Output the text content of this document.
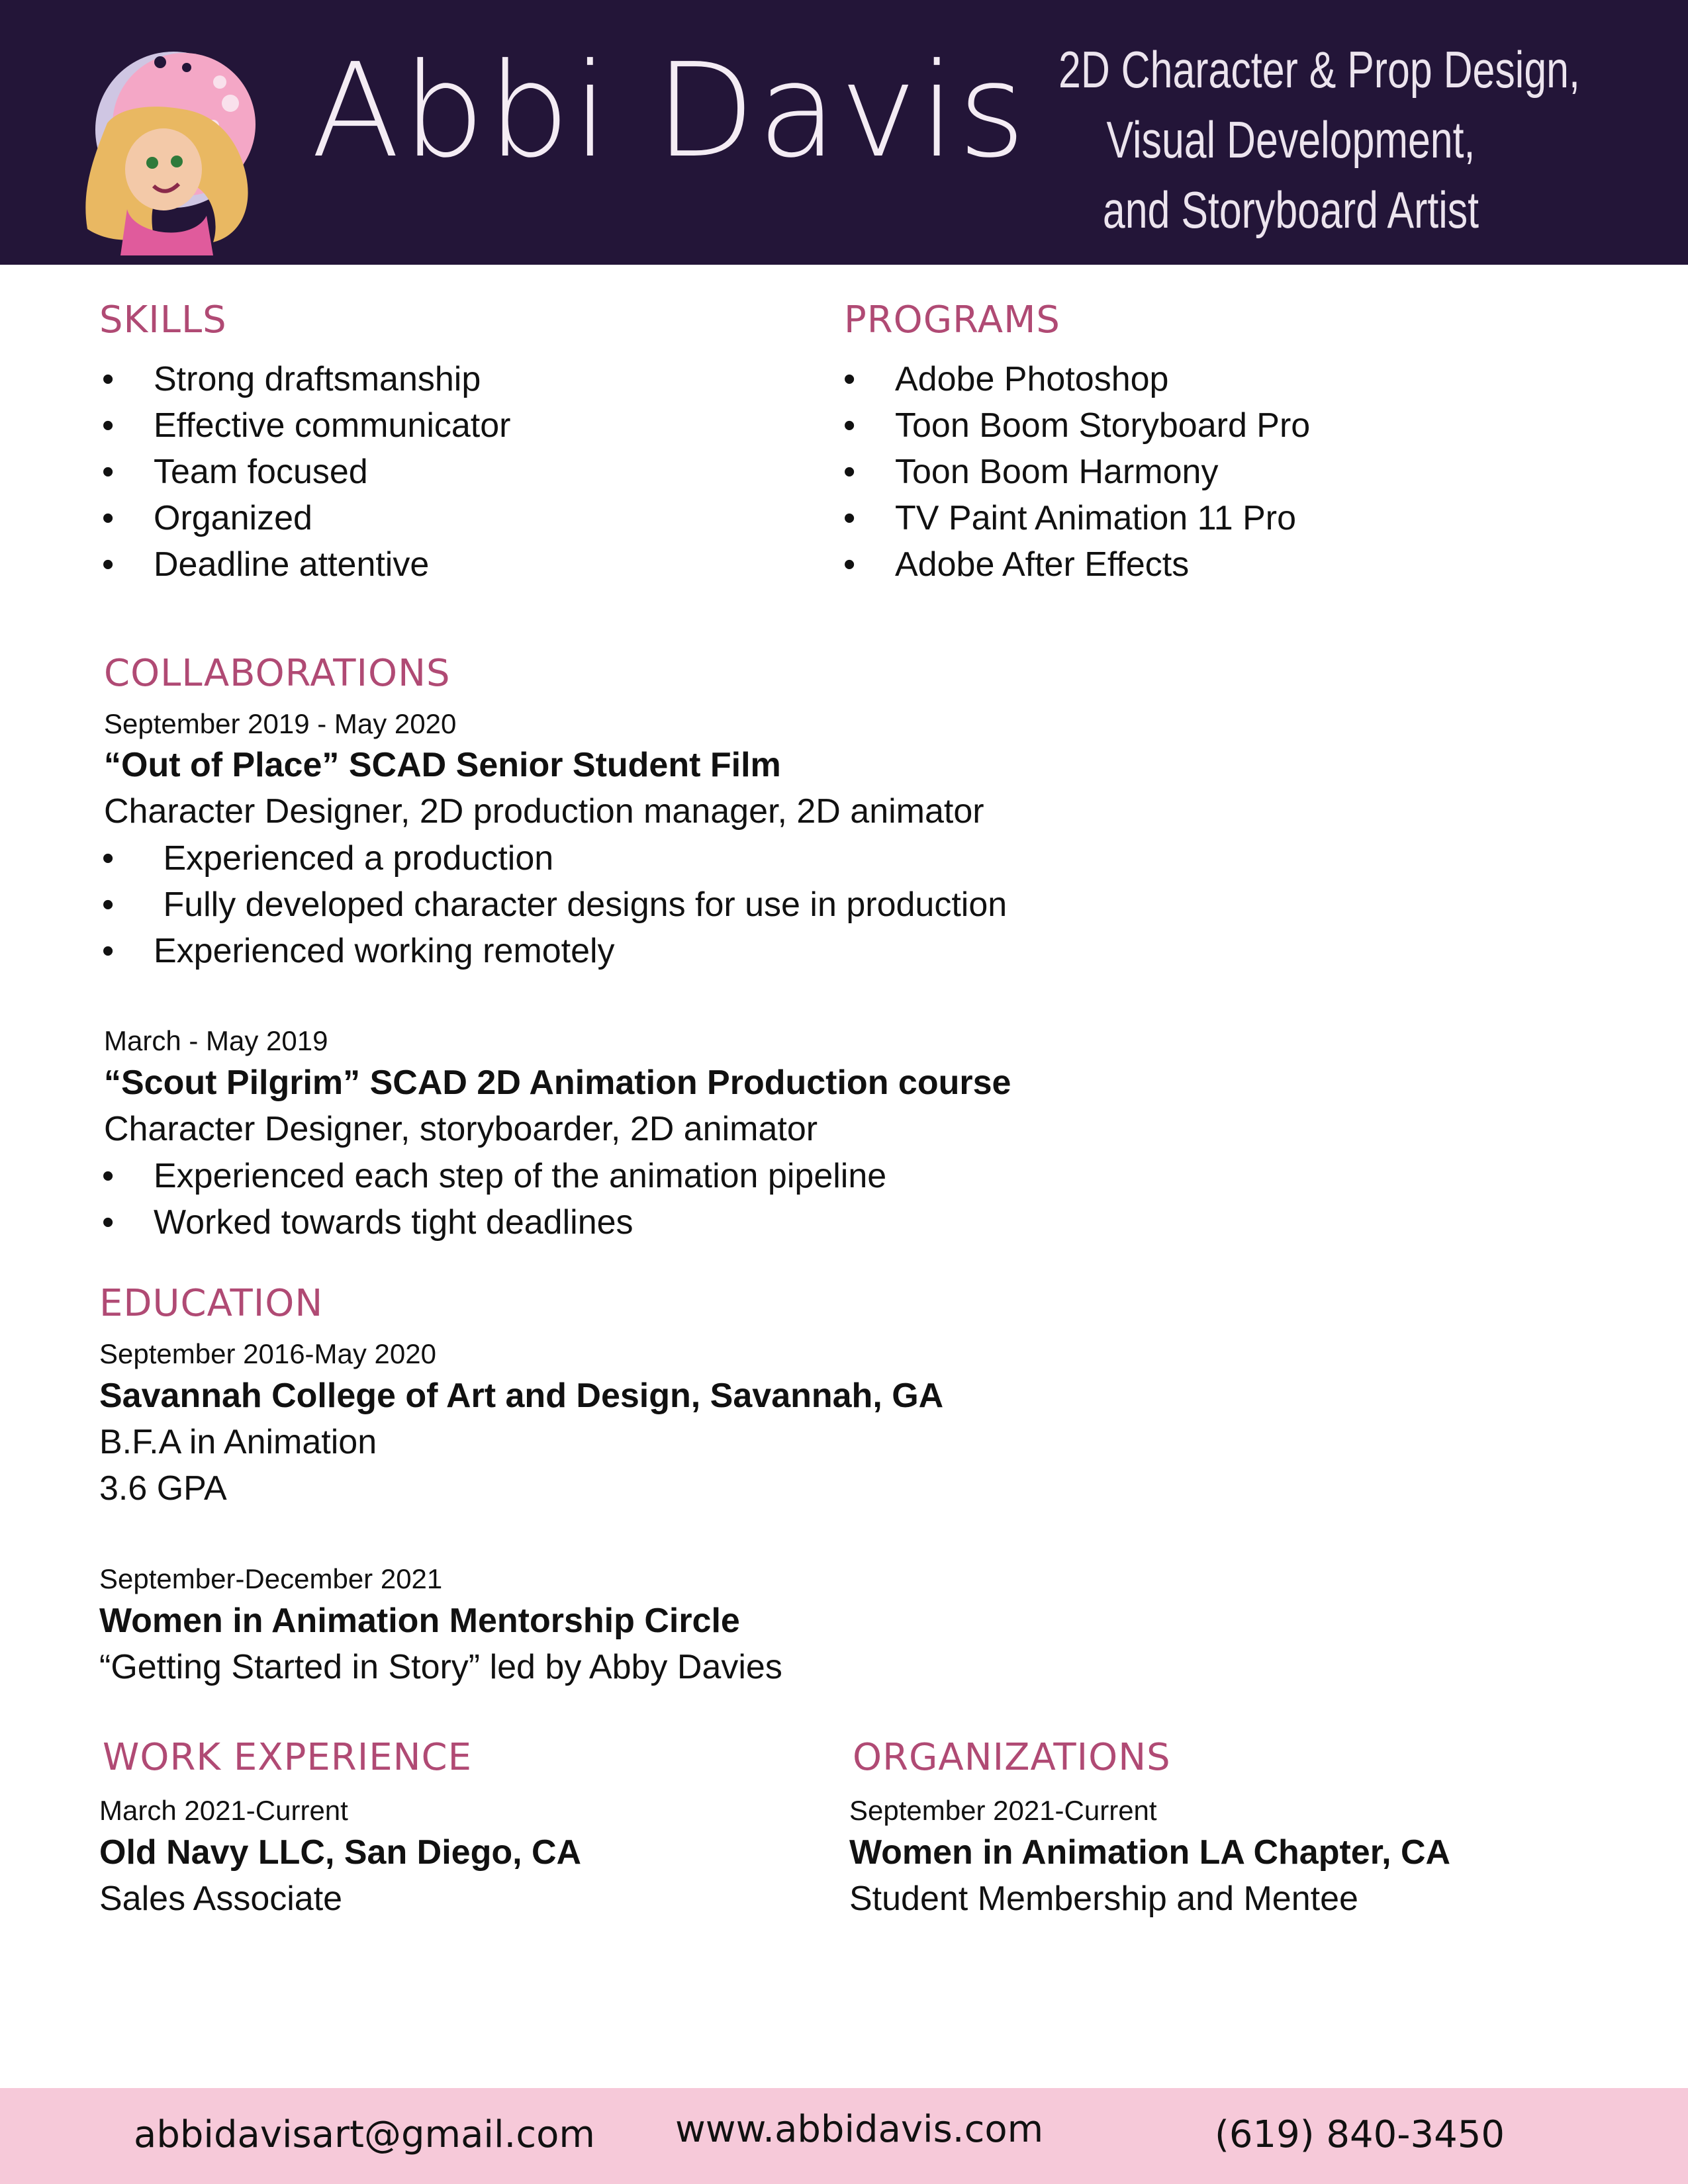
Abbi Davis 2D Character & Prop Design,
Visual Development,
and Storyboard Artist
SKILLS
• Strong draftsmanship
• Effective communicator
• Team focused
• Organized
• Deadline attentive
PROGRAMS
• Adobe Photoshop
• Toon Boom Storyboard Pro
• Toon Boom Harmony
• TV Paint Animation 11 Pro
• Adobe After Effects
COLLABORATIONS
September 2019 - May 2020
“Out of Place” SCAD Senior Student Film
Character Designer, 2D production manager, 2D animator
•  Experienced a production
•  Fully developed character designs for use in production
• Experienced working remotely
March - May 2019
“Scout Pilgrim” SCAD 2D Animation Production course
Character Designer, storyboarder, 2D animator
• Experienced each step of the animation pipeline
• Worked towards tight deadlines
EDUCATION
September 2016-May 2020
Savannah College of Art and Design, Savannah, GA
B.F.A in Animation
3.6 GPA
September-December 2021
Women in Animation Mentorship Circle
“Getting Started in Story” led by Abby Davies
WORK EXPERIENCE
March 2021-Current
Old Navy LLC, San Diego, CA
Sales Associate
ORGANIZATIONS
September 2021-Current
Women in Animation LA Chapter, CA
Student Membership and Mentee
abbidavisart@gmail.com www.abbidavis.com	(619) 840-3450
